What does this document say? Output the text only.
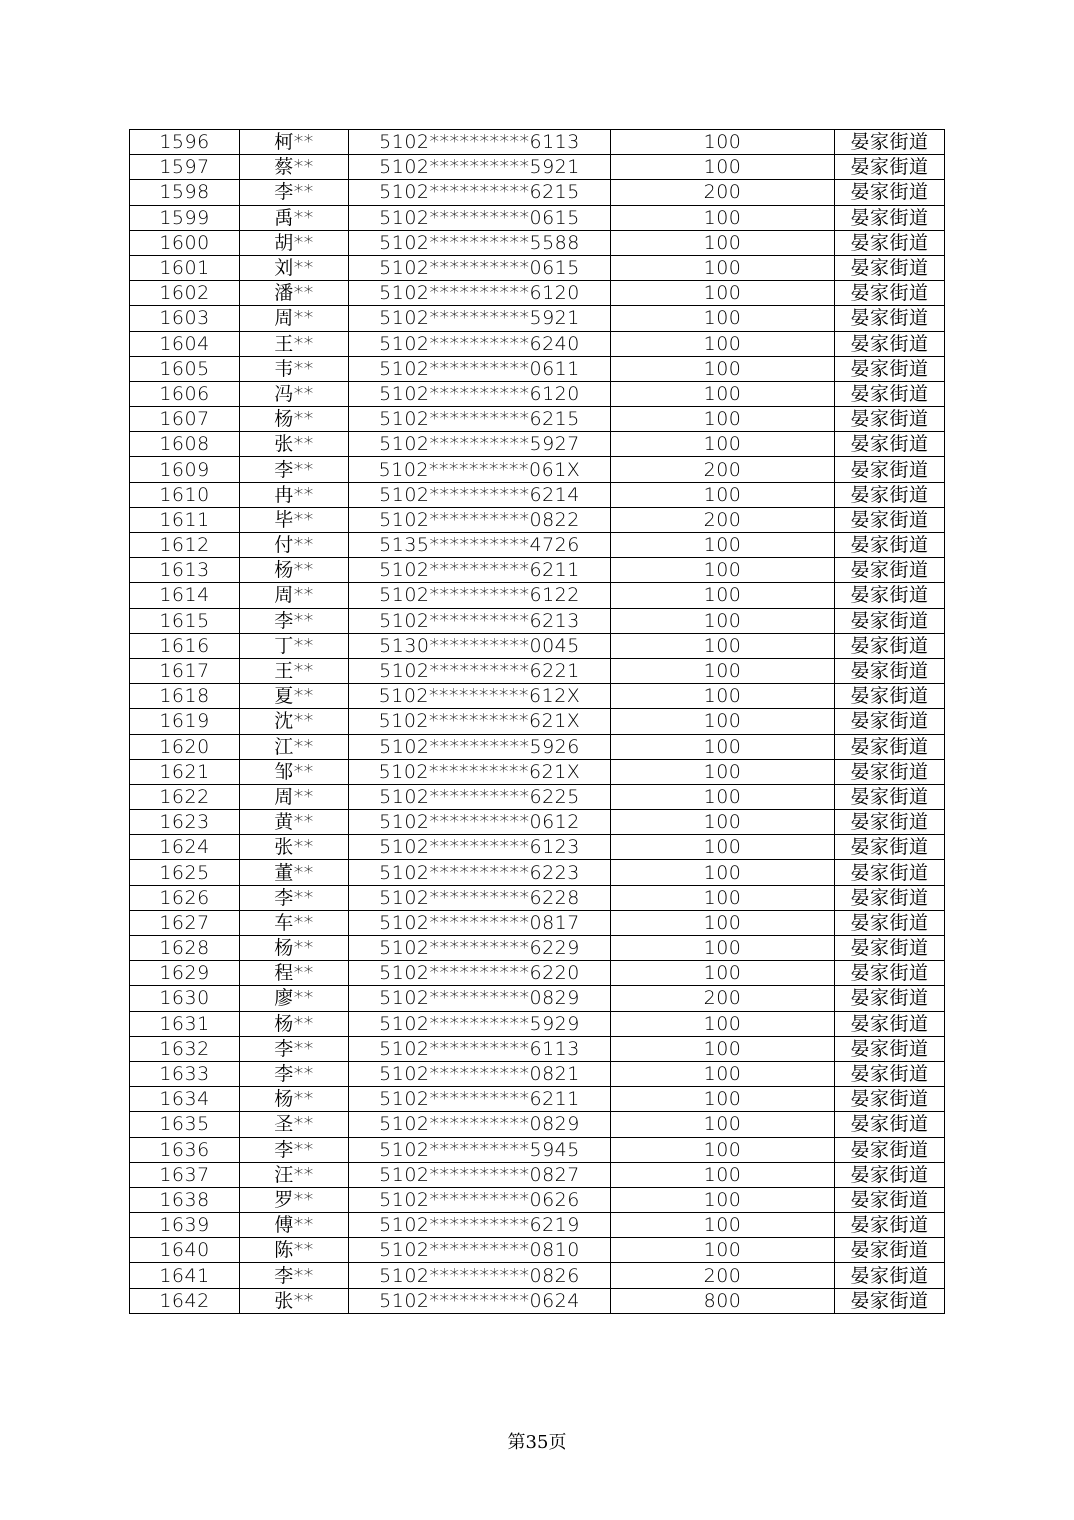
1596	柯**	5102**********6113	100	晏家街道
1597	蔡**	5102**********5921	100	晏家街道
1598	李**	5102**********6215	200	晏家街道
1599	禹**	5102**********0615	100	晏家街道
1600	胡**	5102**********5588	100	晏家街道
1601	刘**	5102**********0615	100	晏家街道
1602	潘**	5102**********6120	100	晏家街道
1603	周**	5102**********5921	100	晏家街道
1604	王**	5102**********6240	100	晏家街道
1605	韦**	5102**********0611	100	晏家街道
1606	冯**	5102**********6120	100	晏家街道
1607	杨**	5102**********6215	100	晏家街道
1608	张**	5102**********5927	100	晏家街道
1609	李**	5102**********061X	200	晏家街道
1610	冉**	5102**********6214	100	晏家街道
1611	毕**	5102**********0822	200	晏家街道
1612	付**	5135**********4726	100	晏家街道
1613	杨**	5102**********6211	100	晏家街道
1614	周**	5102**********6122	100	晏家街道
1615	李**	5102**********6213	100	晏家街道
1616	丁**	5130**********0045	100	晏家街道
1617	王**	5102**********6221	100	晏家街道
1618	夏**	5102**********612X	100	晏家街道
1619	沈**	5102**********621X	100	晏家街道
1620	江**	5102**********5926	100	晏家街道
1621	邹**	5102**********621X	100	晏家街道
1622	周**	5102**********6225	100	晏家街道
1623	黄**	5102**********0612	100	晏家街道
1624	张**	5102**********6123	100	晏家街道
1625	董**	5102**********6223	100	晏家街道
1626	李**	5102**********6228	100	晏家街道
1627	车**	5102**********0817	100	晏家街道
1628	杨**	5102**********6229	100	晏家街道
1629	程**	5102**********6220	100	晏家街道
1630	廖**	5102**********0829	200	晏家街道
1631	杨**	5102**********5929	100	晏家街道
1632	李**	5102**********6113	100	晏家街道
1633	李**	5102**********0821	100	晏家街道
1634	杨**	5102**********6211	100	晏家街道
1635	圣**	5102**********0829	100	晏家街道
1636	李**	5102**********5945	100	晏家街道
1637	汪**	5102**********0827	100	晏家街道
1638	罗**	5102**********0626	100	晏家街道
1639	傅**	5102**********6219	100	晏家街道
1640	陈**	5102**********0810	100	晏家街道
1641	李**	5102**********0826	200	晏家街道
1642	张**	5102**********0624	800	晏家街道
第35页
